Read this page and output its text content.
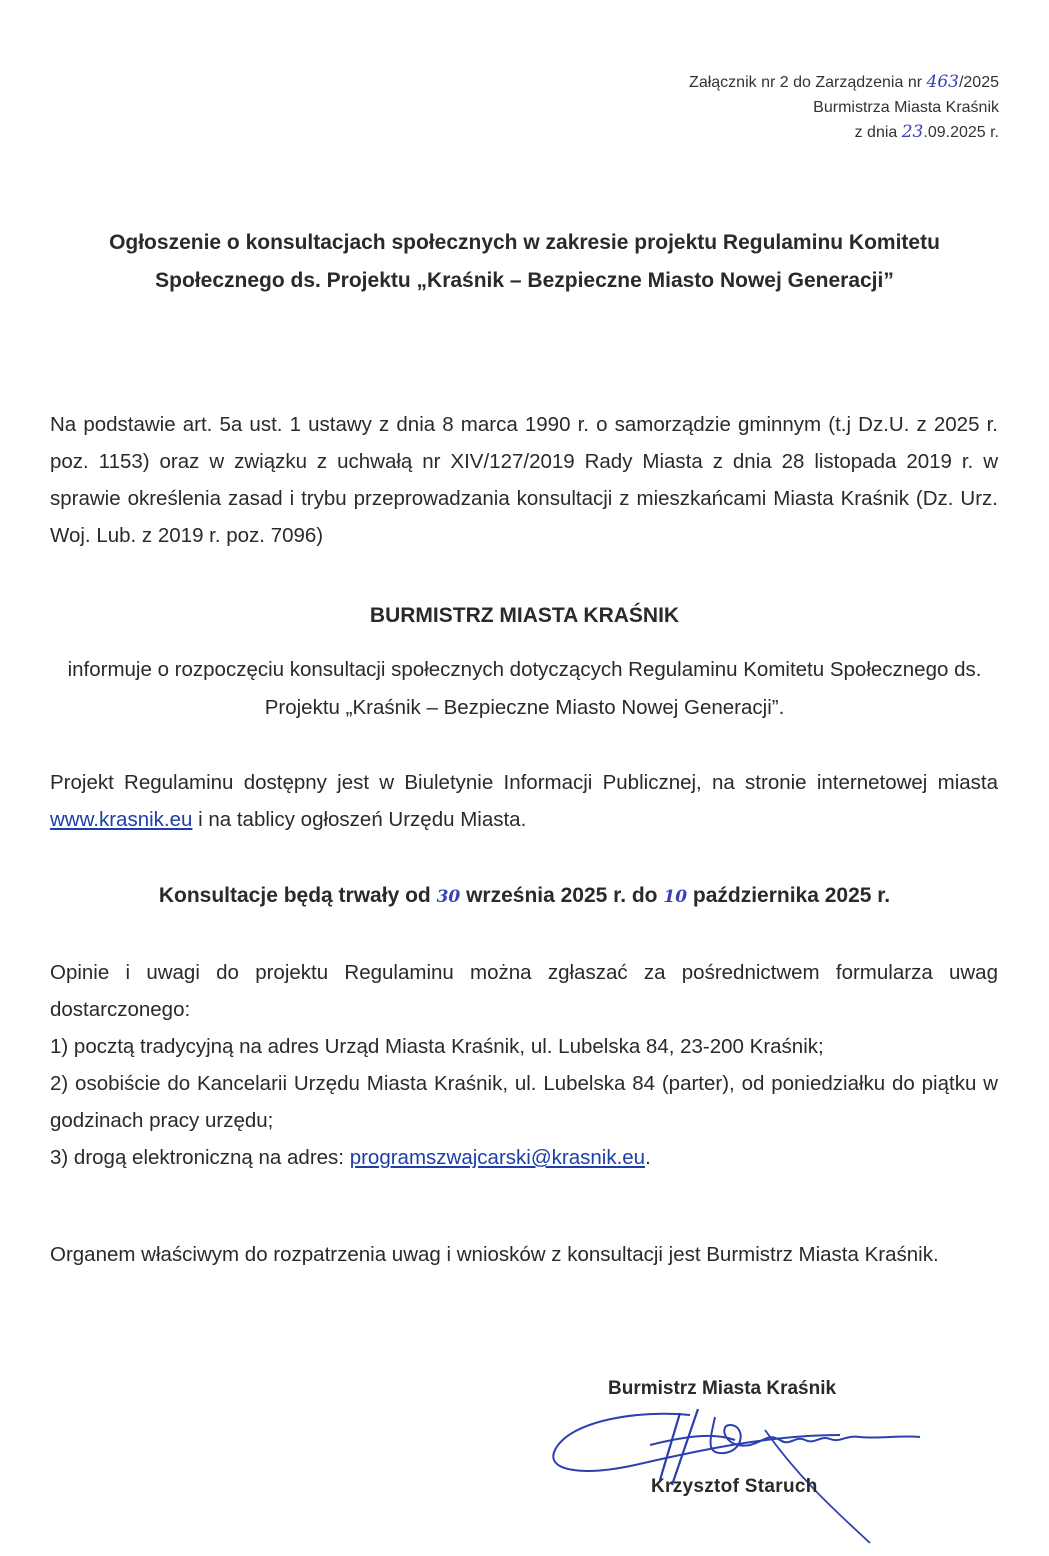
Załącznik nr 2 do Zarządzenia nr 463/2025
Burmistrza Miasta Kraśnik
z dnia 23.09.2025 r.
Ogłoszenie o konsultacjach społecznych w zakresie projektu Regulaminu Komitetu Społecznego ds. Projektu „Kraśnik – Bezpieczne Miasto Nowej Generacji”
Na podstawie art. 5a ust. 1 ustawy z dnia 8 marca 1990 r. o samorządzie gminnym (t.j Dz.U. z 2025 r. poz. 1153) oraz w związku z uchwałą nr XIV/127/2019 Rady Miasta z dnia 28 listopada 2019 r. w sprawie określenia zasad i trybu przeprowadzania konsultacji z mieszkańcami Miasta Kraśnik (Dz. Urz. Woj. Lub. z 2019 r. poz. 7096)
BURMISTRZ MIASTA KRAŚNIK
informuje o rozpoczęciu konsultacji społecznych dotyczących Regulaminu Komitetu Społecznego ds. Projektu „Kraśnik – Bezpieczne Miasto Nowej Generacji”.
Projekt Regulaminu dostępny jest w Biuletynie Informacji Publicznej, na stronie internetowej miasta www.krasnik.eu i na tablicy ogłoszeń Urzędu Miasta.
Konsultacje będą trwały od 30 września 2025 r. do 10 października 2025 r.
Opinie i uwagi do projektu Regulaminu można zgłaszać za pośrednictwem formularza uwag dostarczonego:
1) pocztą tradycyjną na adres Urząd Miasta Kraśnik, ul. Lubelska 84, 23-200 Kraśnik;
2) osobiście do Kancelarii Urzędu Miasta Kraśnik, ul. Lubelska 84 (parter), od poniedziałku do piątku w godzinach pracy urzędu;
3) drogą elektroniczną na adres: programszwajcarski@krasnik.eu.
Organem właściwym do rozpatrzenia uwag i wniosków z konsultacji jest Burmistrz Miasta Kraśnik.
Burmistrz Miasta Kraśnik
Krzysztof Staruch
